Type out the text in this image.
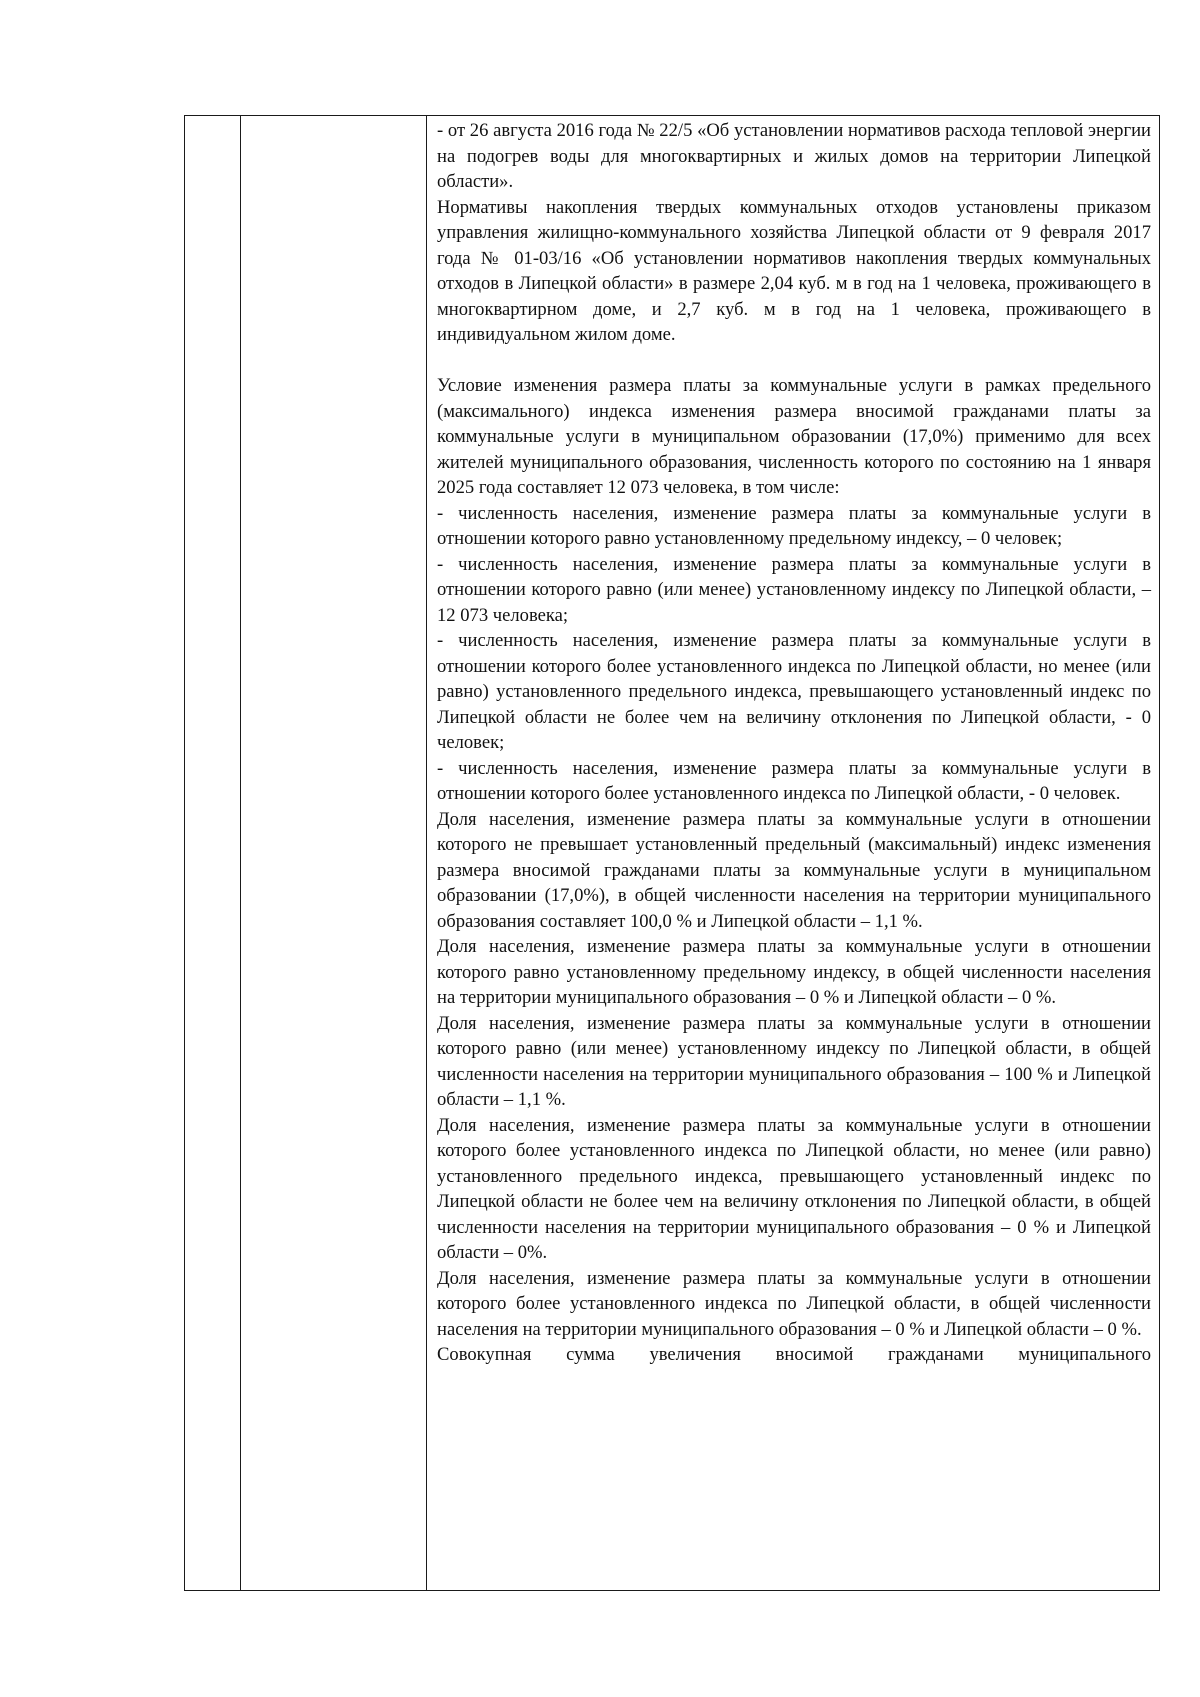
- от 26 августа 2016 года № 22/5 «Об установлении нормативов расхода тепловой энергии на подогрев воды для многоквартирных и жилых домов на территории Липецкой области».

Нормативы накопления твердых коммунальных отходов установлены приказом управления жилищно-коммунального хозяйства Липецкой области от 9 февраля 2017 года № 01-03/16 «Об установлении нормативов накопления твердых коммунальных отходов в Липецкой области» в размере 2,04 куб. м в год на 1 человека, проживающего в многоквартирном доме, и 2,7 куб. м в год на 1 человека, проживающего в индивидуальном жилом доме.

Условие изменения размера платы за коммунальные услуги в рамках предельного (максимального) индекса изменения размера вносимой гражданами платы за коммунальные услуги в муниципальном образовании (17,0%) применимо для всех жителей муниципального образования, численность которого по состоянию на 1 января 2025 года составляет 12 073 человека, в том числе:

- численность населения, изменение размера платы за коммунальные услуги в отношении которого равно установленному предельному индексу, – 0 человек;

- численность населения, изменение размера платы за коммунальные услуги в отношении которого равно (или менее) установленному индексу по Липецкой области, – 12 073 человека;

- численность населения, изменение размера платы за коммунальные услуги в отношении которого более установленного индекса по Липецкой области, но менее (или равно) установленного предельного индекса, превышающего установленный индекс по Липецкой области не более чем на величину отклонения по Липецкой области, - 0 человек;

- численность населения, изменение размера платы за коммунальные услуги в отношении которого более установленного индекса по Липецкой области, - 0 человек.

Доля населения, изменение размера платы за коммунальные услуги в отношении которого не превышает установленный предельный (максимальный) индекс изменения размера вносимой гражданами платы за коммунальные услуги в муниципальном образовании (17,0%), в общей численности населения на территории муниципального образования составляет 100,0 % и Липецкой области – 1,1 %.

Доля населения, изменение размера платы за коммунальные услуги в отношении которого равно установленному предельному индексу, в общей численности населения на территории муниципального образования – 0 % и Липецкой области – 0 %.

Доля населения, изменение размера платы за коммунальные услуги в отношении которого равно (или менее) установленному индексу по Липецкой области, в общей численности населения на территории муниципального образования – 100 % и Липецкой области – 1,1 %.

Доля населения, изменение размера платы за коммунальные услуги в отношении которого более установленного индекса по Липецкой области, но менее (или равно) установленного предельного индекса, превышающего установленный индекс по Липецкой области не более чем на величину отклонения по Липецкой области, в общей численности населения на территории муниципального образования – 0 % и Липецкой области – 0%.

Доля населения, изменение размера платы за коммунальные услуги в отношении которого более установленного индекса по Липецкой области, в общей численности населения на территории муниципального образования – 0 % и Липецкой области – 0 %.

Совокупная сумма увеличения вносимой гражданами муниципального
